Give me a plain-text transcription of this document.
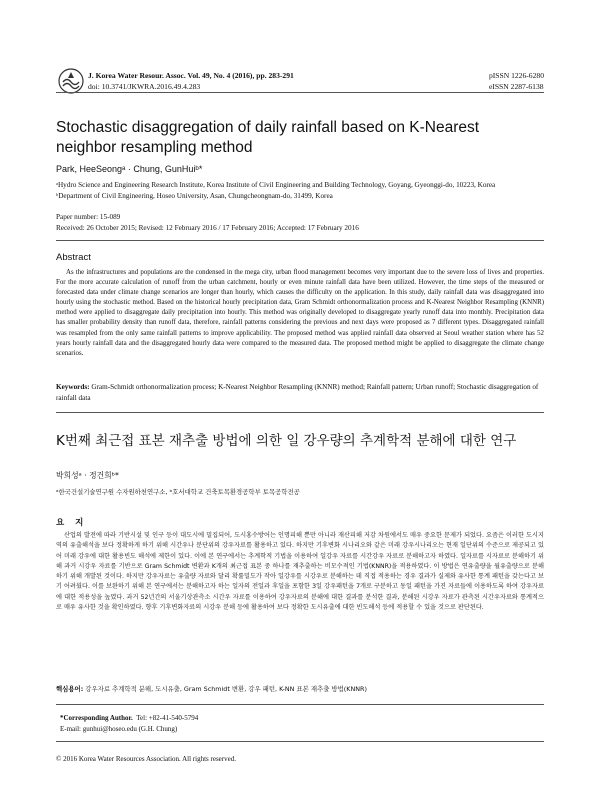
J. Korea Water Resour. Assoc. Vol. 49, No. 4 (2016), pp. 283-291
doi: 10.3741/JKWRA.2016.49.4.283
pISSN 1226-6280
eISSN 2287-6138
Stochastic disaggregation of daily rainfall based on K-Nearest neighbor resampling method
Park, HeeSeongᵃ · Chung, GunHuiᵇ*
ᵃHydro Science and Engineering Research Institute, Korea Institute of Civil Engineering and Building Technology, Goyang, Gyeonggi-do, 10223, Korea
ᵇDepartment of Civil Engineering, Hoseo University, Asan, Chungcheongnam-do, 31499, Korea
Paper number: 15-089
Received: 26 October 2015; Revised: 12 February 2016 / 17 February 2016; Accepted: 17 February 2016
Abstract
As the infrastructures and populations are the condensed in the mega city, urban flood management becomes very important due to the severe loss of lives and properties. For the more accurate calculation of runoff from the urban catchment, hourly or even minute rainfall data have been utilized. However, the time steps of the measured or forecasted data under climate change scenarios are longer than hourly, which causes the difficulty on the application. In this study, daily rainfall data was disaggregated into hourly using the stochastic method. Based on the historical hourly precipitation data, Gram Schmidt orthonormalization process and K-Nearest Neighbor Resampling (KNNR) method were applied to disaggregate daily precipitation into hourly. This method was originally developed to disaggregate yearly runoff data into monthly. Precipitation data has smaller probability density than runoff data, therefore, rainfall patterns considering the previous and next days were proposed as 7 different types. Disaggregated rainfall was resampled from the only same rainfall patterns to improve applicability. The proposed method was applied rainfall data observed at Seoul weather station where has 52 years hourly rainfall data and the disaggregated hourly data were compared to the measured data. The proposed method might be applied to disaggregate the climate change scenarios.
Keywords: Gram-Schmidt orthonormalization process; K-Nearest Neighbor Resampling (KNNR) method; Rainfall pattern; Urban runoff; Stochastic disaggregation of rainfall data
K번째 최근접 표본 재추출 방법에 의한 일 강우량의 추계학적 분해에 대한 연구
박희성ᵃ · 정건희ᵇ*
ᵃ한국건설기술연구원 수자원하천연구소, ᵇ호서대학교 건축토목환경공학부 토목공학전공
요 지
산업의 발전에 따라 기반시설 및 인구 등이 대도시에 밀집되어, 도시홍수방어는 인명피해 뿐만 아니라 재산피해 저감 차원에서도 매우 중요한 문제가 되었다. 요즘은 이러한 도시지역의 유출해석을 보다 정확하게 하기 위해 시간우나 분단위의 강우자료를 활용하고 있다. 하지만 기후변화 시나리오와 같은 미래 강우시나리오는 현재 일단위의 수준으로 제공되고 있어 미래 강우에 대한 활용빈도 해석에 제한이 있다. 이에 본 연구에서는 추계학적 기법을 이용하여 일강우 자료를 시간강우 자료로 분해하고자 하였다. 일자료를 시자료로 분해하기 위해 과거 시강우 자료를 기반으로 Gram Schmidt 변환과 K개의 최근접 표본 중 하나를 재추출하는 비모수적인 기법(KNNR)을 적용하였다. 이 방법은 연유출량을 월유출량으로 분해하기 위해 개발된 것이다. 하지만 강우자료는 유출량 자료와 달리 확률밀도가 작아 일강우를 시강우로 분해하는 데 직접 적용하는 경우 결과가 실제와 유사한 통계 패턴을 갖는다고 보기 어려웠다. 이를 보완하기 위해 본 연구에서는 분해하고자 하는 일자의 전일과 후일을 포함한 3일 강우패턴을 7개로 구분하고 동일 패턴을 가진 자료들에 이용하도록 하여 강우자료에 대한 적용성을 높였다. 과거 52년간의 서울기상관측소 시간우 자료를 이용하여 강우자료의 분해에 대한 결과를 분석한 결과, 분해된 시강우 자료가 관측된 시간우자료와 통계적으로 매우 유사한 것을 확인하였다. 향후 기후변화자료의 시강우 분해 등에 활용하여 보다 정확한 도시유출에 대한 빈도해석 등에 적용할 수 있을 것으로 판단된다.
핵심용어: 강우자료 추계학적 분해, 도시유출, Gram Schmidt 변환, 강우 패턴, K-NN 표본 재추출 방법(KNNR)
*Corresponding Author. Tel: +82-41-540-5794
E-mail: gunhui@hoseo.edu (G.H. Chung)
© 2016 Korea Water Resources Association. All rights reserved.
